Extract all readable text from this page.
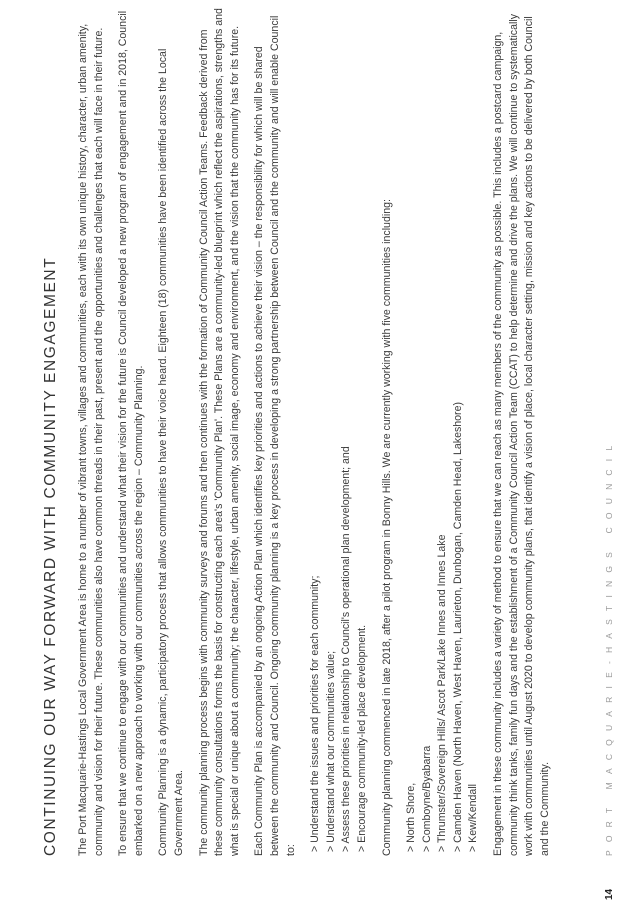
CONTINUING OUR WAY FORWARD WITH COMMUNITY ENGAGEMENT The Port Macquarie-Hastings Local Government Area is home to a number of vibrant towns, villages and communities, each with its own unique history, character, urban amenity, community and vision for their future. These communities also have common threads in their past, present and the opportunities and challenges that each will face in their future. To ensure that we continue to engage with our communities and understand what their vision for the future is Council developed a new program of engagement and in 2018, Council embarked on a new approach to working with our communities across the region – Community Planning. Community Planning is a dynamic, participatory process that allows communities to have their voice heard. Eighteen (18) communities have been identified across the Local Government Area. The community planning process begins with community surveys and forums and then continues with the formation of Community Council Action Teams. Feedback derived from these community consultations forms the basis for constructing each area's 'Community Plan'. These Plans are a community-led blueprint which reflect the aspirations, strengths and what is special or unique about a community; the character, lifestyle, urban amenity, social image, economy and environment, and the vision that the community has for its future. Each Community Plan is accompanied by an ongoing Action Plan which identifies key priorities and actions to achieve their vision – the responsibility for which will be shared between the community and Council. Ongoing community planning is a key process in developing a strong partnership between Council and the community and will enable Council to: > Understand the issues and priorities for each community; > Understand what our communities value; > Assess these priorities in relationship to Council's operational plan development; and > Encourage community-led place development. Community planning commenced in late 2018, after a pilot program in Bonny Hills. We are currently working with five communities including: > North Shore, > Comboyne/Byabarra > Thrumster/Sovereign Hills/ Ascot Park/Lake Innes and Innes Lake > Camden Haven (North Haven, West Haven, Laurieton, Dunbogan, Camden Head, Lakeshore) > Kew/Kendall Engagement in these community includes a variety of method to ensure that we can reach as many members of the community as possible. This includes a postcard campaign, community think tanks, family fun days and the establishment of a Community Council Action Team (CCAT) to help determine and drive the plans. We will continue to systematically work with communities until August 2020 to develop community plans, that identify a vision of place, local character setting, mission and key actions to be delivered by both Council and the Community.

14
PORT MACQUARIE-HASTINGS COUNCIL
